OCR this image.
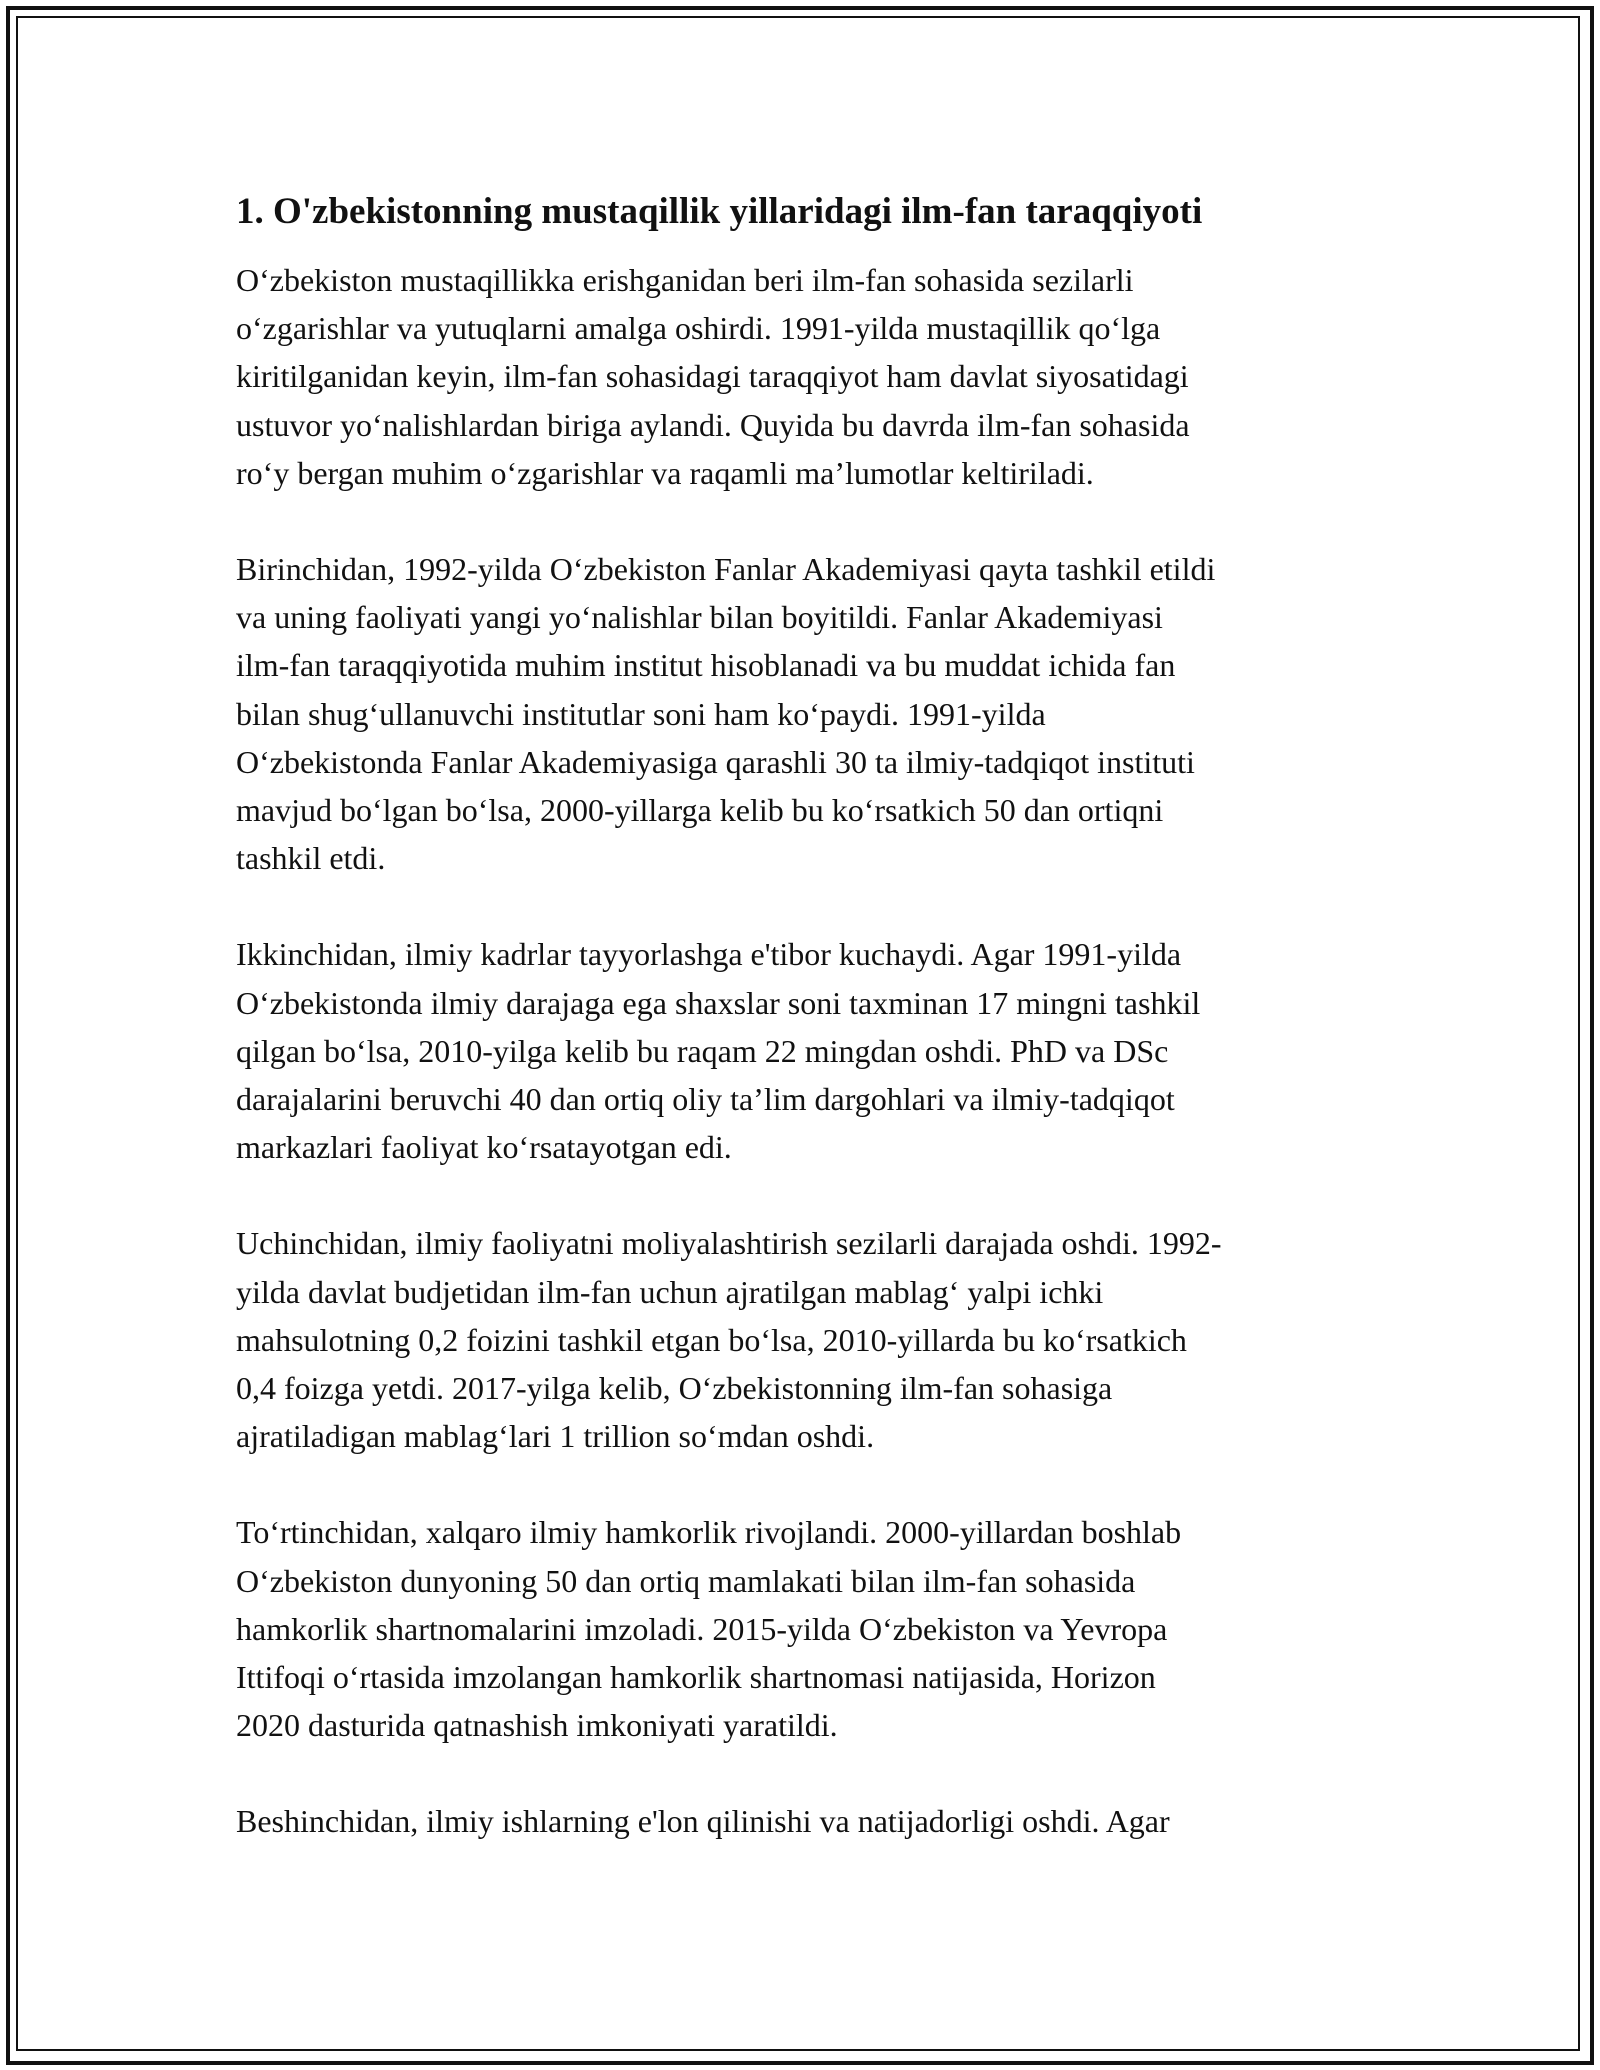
1. O'zbekistonning mustaqillik yillaridagi ilm-fan taraqqiyoti

O‘zbekiston mustaqillikka erishganidan beri ilm-fan sohasida sezilarli
o‘zgarishlar va yutuqlarni amalga oshirdi. 1991-yilda mustaqillik qo‘lga
kiritilganidan keyin, ilm-fan sohasidagi taraqqiyot ham davlat siyosatidagi
ustuvor yo‘nalishlardan biriga aylandi. Quyida bu davrda ilm-fan sohasida
ro‘y bergan muhim o‘zgarishlar va raqamli ma’lumotlar keltiriladi.

Birinchidan, 1992-yilda O‘zbekiston Fanlar Akademiyasi qayta tashkil etildi
va uning faoliyati yangi yo‘nalishlar bilan boyitildi. Fanlar Akademiyasi
ilm-fan taraqqiyotida muhim institut hisoblanadi va bu muddat ichida fan
bilan shug‘ullanuvchi institutlar soni ham ko‘paydi. 1991-yilda
O‘zbekistonda Fanlar Akademiyasiga qarashli 30 ta ilmiy-tadqiqot instituti
mavjud bo‘lgan bo‘lsa, 2000-yillarga kelib bu ko‘rsatkich 50 dan ortiqni
tashkil etdi.

Ikkinchidan, ilmiy kadrlar tayyorlashga e'tibor kuchaydi. Agar 1991-yilda
O‘zbekistonda ilmiy darajaga ega shaxslar soni taxminan 17 mingni tashkil
qilgan bo‘lsa, 2010-yilga kelib bu raqam 22 mingdan oshdi. PhD va DSc
darajalarini beruvchi 40 dan ortiq oliy ta’lim dargohlari va ilmiy-tadqiqot
markazlari faoliyat ko‘rsatayotgan edi.

Uchinchidan, ilmiy faoliyatni moliyalashtirish sezilarli darajada oshdi. 1992-
yilda davlat budjetidan ilm-fan uchun ajratilgan mablag‘ yalpi ichki
mahsulotning 0,2 foizini tashkil etgan bo‘lsa, 2010-yillarda bu ko‘rsatkich
0,4 foizga yetdi. 2017-yilga kelib, O‘zbekistonning ilm-fan sohasiga
ajratiladigan mablag‘lari 1 trillion so‘mdan oshdi.

To‘rtinchidan, xalqaro ilmiy hamkorlik rivojlandi. 2000-yillardan boshlab
O‘zbekiston dunyoning 50 dan ortiq mamlakati bilan ilm-fan sohasida
hamkorlik shartnomalarini imzoladi. 2015-yilda O‘zbekiston va Yevropa
Ittifoqi o‘rtasida imzolangan hamkorlik shartnomasi natijasida, Horizon
2020 dasturida qatnashish imkoniyati yaratildi.

Beshinchidan, ilmiy ishlarning e'lon qilinishi va natijadorligi oshdi. Agar
